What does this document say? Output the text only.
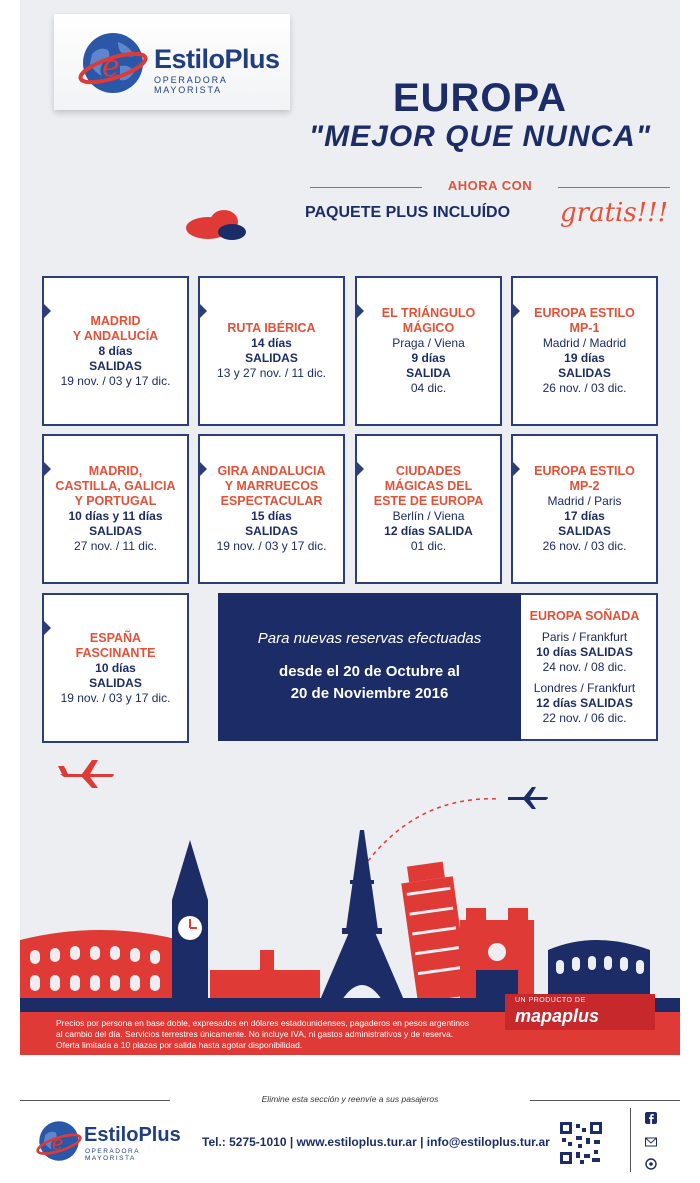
e EstiloPlus
OPERADORA MAYORISTA	EUROPA
"MEJOR QUE NUNCA"
AHORA CON
PAQUETE PLUS INCLUÍDO	gratis!!!
MADRID
Y ANDALUCÍA
8 días
SALIDAS
19 nov. / 03 y 17 dic.
RUTA IBÉRICA
14 días
SALIDAS
13 y 27 nov. / 11 dic.
EL TRIÁNGULO
MÁGICO
Praga / Viena
9 días
SALIDA
04 dic.
EUROPA ESTILO
MP-1
Madrid / Madrid
19 días
SALIDAS
26 nov. / 03 dic.
MADRID,
CASTILLA, GALICIA
Y PORTUGAL
10 días y 11 días
SALIDAS
27 nov. / 11 dic.
GIRA ANDALUCIA
Y MARRUECOS
ESPECTACULAR
15 días
SALIDAS
19 nov. / 03 y 17 dic.
CIUDADES
MÁGICAS DEL
ESTE DE EUROPA
Berlín / Viena
12 días SALIDA
01 dic.
EUROPA ESTILO
MP-2
Madrid / Paris
17 días
SALIDAS
26 nov. / 03 dic.
ESPAÑA
FASCINANTE
10 días
SALIDAS
19 nov. / 03 y 17 dic.
EUROPA SOÑADA
Paris / Frankfurt
10 días SALIDAS
24 nov. / 08 dic.
Londres / Frankfurt
12 días SALIDAS
22 nov. / 06 dic.
Para nuevas reservas efectuadas
desde el 20 de Octubre al
20 de Noviembre 2016
Precios por persona en base doble, expresados en dólares estadounidenses, pagaderos en pesos argentinos al cambio del día. Servicios terrestres únicamente. No incluye IVA, ni gastos administrativos y de reserva. Oferta limitada a 10 plazas por salida hasta agotar disponibilidad.
UN PRODUCTO DE
mapaplus
Elimine esta sección y reenvíe a sus pasajeros
e EstiloPlus
OPERADORA MAYORISTA
Tel.: 5275-1010 | www.estiloplus.tur.ar | info@estiloplus.tur.ar
